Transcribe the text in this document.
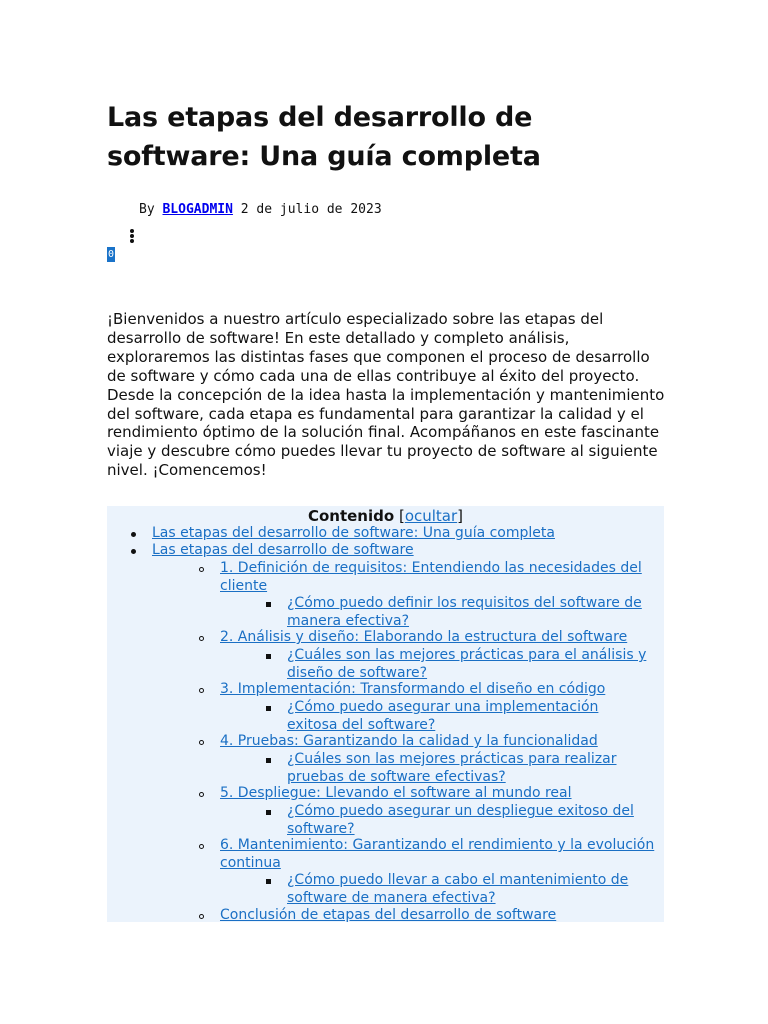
Las etapas del desarrollo de software: Una guía completa
By BLOGADMIN 2 de julio de 2023
0

¡Bienvenidos a nuestro artículo especializado sobre las etapas del desarrollo de software! En este detallado y completo análisis, exploraremos las distintas fases que componen el proceso de desarrollo de software y cómo cada una de ellas contribuye al éxito del proyecto. Desde la concepción de la idea hasta la implementación y mantenimiento del software, cada etapa es fundamental para garantizar la calidad y el rendimiento óptimo de la solución final. Acompáñanos en este fascinante viaje y descubre cómo puedes llevar tu proyecto de software al siguiente nivel. ¡Comencemos!

Contenido [ocultar]
Las etapas del desarrollo de software: Una guía completa
Las etapas del desarrollo de software
1. Definición de requisitos: Entendiendo las necesidades del cliente
¿Cómo puedo definir los requisitos del software de manera efectiva?
2. Análisis y diseño: Elaborando la estructura del software
¿Cuáles son las mejores prácticas para el análisis y diseño de software?
3. Implementación: Transformando el diseño en código
¿Cómo puedo asegurar una implementación exitosa del software?
4. Pruebas: Garantizando la calidad y la funcionalidad
¿Cuáles son las mejores prácticas para realizar pruebas de software efectivas?
5. Despliegue: Llevando el software al mundo real
¿Cómo puedo asegurar un despliegue exitoso del software?
6. Mantenimiento: Garantizando el rendimiento y la evolución continua
¿Cómo puedo llevar a cabo el mantenimiento de software de manera efectiva?
Conclusión de etapas del desarrollo de software
